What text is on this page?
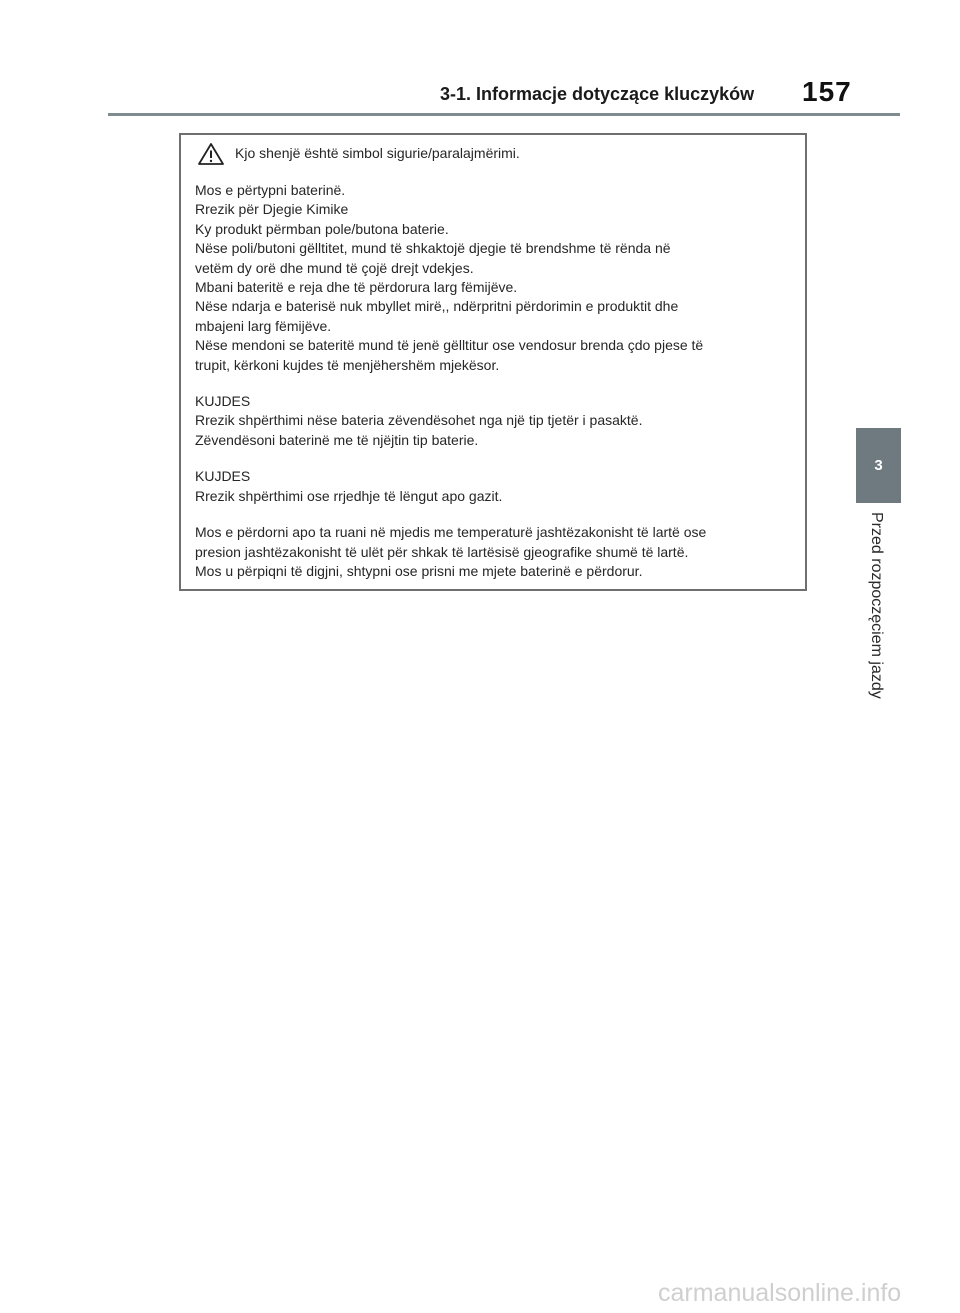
3-1. Informacje dotyczące kluczyków 157
Kjo shenjë është simbol sigurie/paralajmërimi.

Mos e përtypni baterinë.

Rrezik për Djegie Kimike

Ky produkt përmban pole/butona baterie.

Nëse poli/butoni gëlltitet, mund të shkaktojë djegie të brendshme të rënda në

vetëm dy orë dhe mund të çojë drejt vdekjes.

Mbani bateritë e reja dhe të përdorura larg fëmijëve.

Nëse ndarja e baterisë nuk mbyllet mirë,, ndërpritni përdorimin e produktit dhe

mbajeni larg fëmijëve.

Nëse mendoni se bateritë mund të jenë gëlltitur ose vendosur brenda çdo pjese të

trupit, kërkoni kujdes të menjëhershëm mjekësor.

KUJDES

Rrezik shpërthimi nëse bateria zëvendësohet nga një tip tjetër i pasaktë.

Zëvendësoni baterinë me të njëjtin tip baterie.

KUJDES

Rrezik shpërthimi ose rrjedhje të lëngut apo gazit.

Mos e përdorni apo ta ruani në mjedis me temperaturë jashtëzakonisht të lartë ose

presion jashtëzakonisht të ulët për shkak të lartësisë gjeografike shumë të lartë.

Mos u përpiqni të digjni, shtypni ose prisni me mjete baterinë e përdorur.

3
Przed rozpoczęciem jazdy
carmanualsonline.info
